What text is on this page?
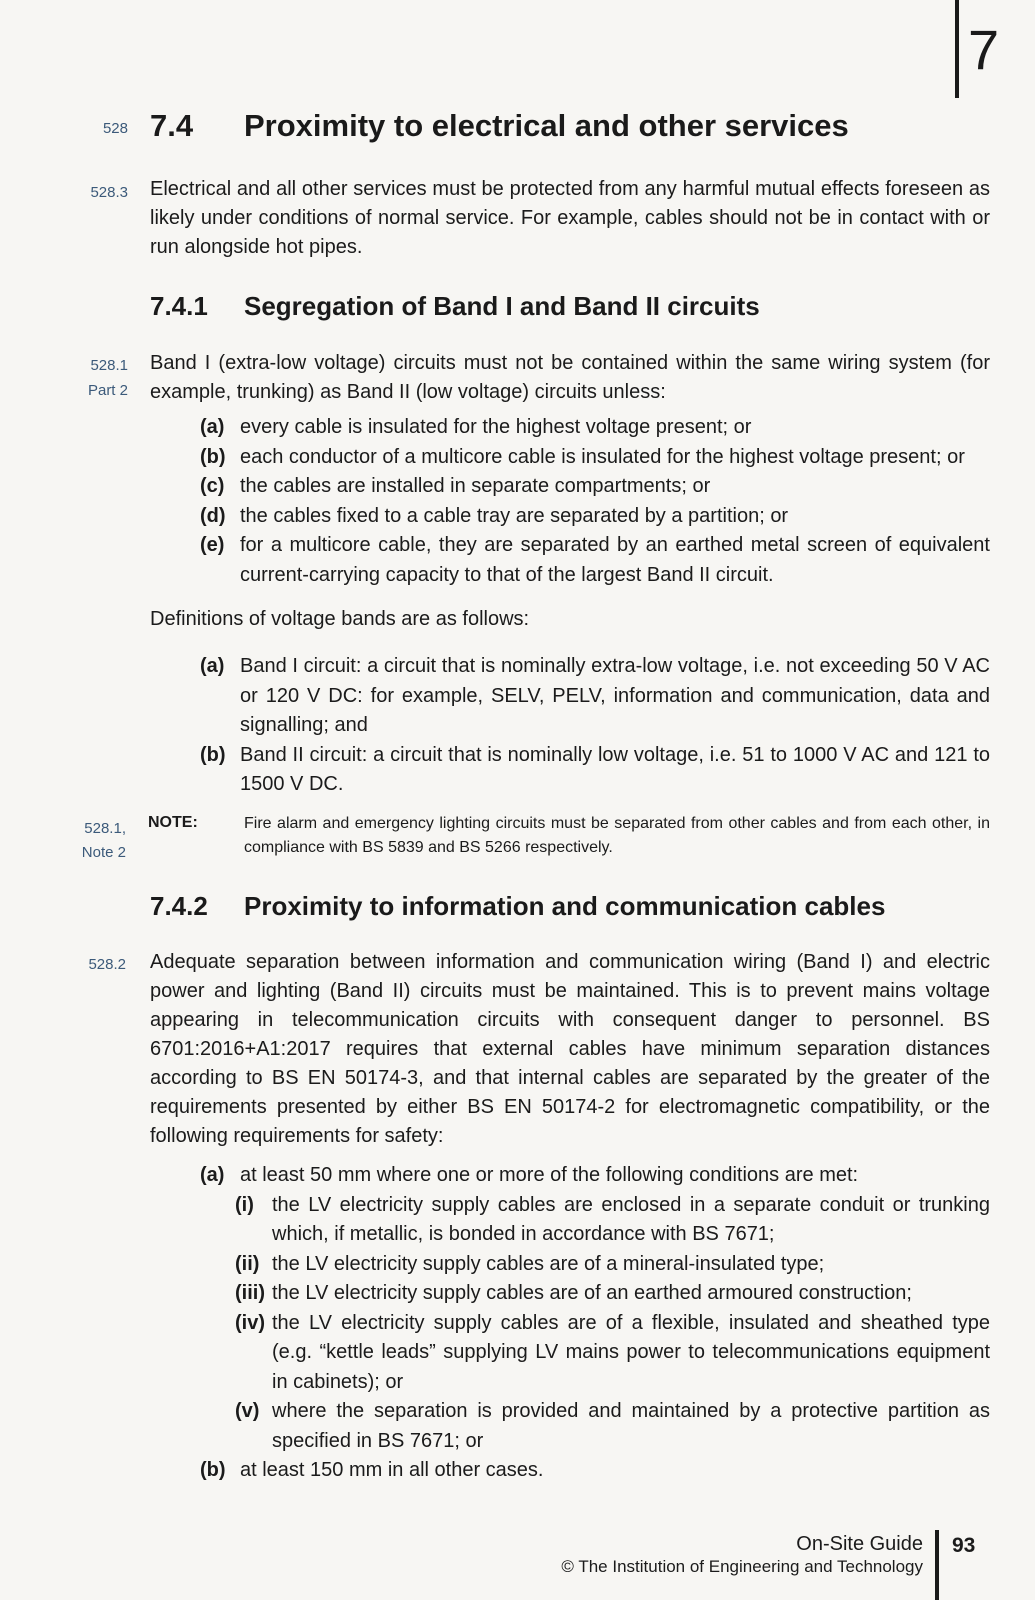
7
528 7.4 Proximity to electrical and other services
528.3 Electrical and all other services must be protected from any harmful mutual effects foreseen as likely under conditions of normal service. For example, cables should not be in contact with or run alongside hot pipes.
7.4.1 Segregation of Band I and Band II circuits
528.1
Part 2
Band I (extra-low voltage) circuits must not be contained within the same wiring system (for example, trunking) as Band II (low voltage) circuits unless:
(a) every cable is insulated for the highest voltage present; or
(b) each conductor of a multicore cable is insulated for the highest voltage present; or
(c) the cables are installed in separate compartments; or
(d) the cables fixed to a cable tray are separated by a partition; or
(e) for a multicore cable, they are separated by an earthed metal screen of equivalent current-carrying capacity to that of the largest Band II circuit.
Definitions of voltage bands are as follows:
(a) Band I circuit: a circuit that is nominally extra-low voltage, i.e. not exceeding 50 V AC or 120 V DC: for example, SELV, PELV, information and communication, data and signalling; and
(b) Band II circuit: a circuit that is nominally low voltage, i.e. 51 to 1000 V AC and 121 to 1500 V DC.
528.1,
Note 2
NOTE:	Fire alarm and emergency lighting circuits must be separated from other cables and from each other, in compliance with BS 5839 and BS 5266 respectively.
7.4.2 Proximity to information and communication cables
528.2 Adequate separation between information and communication wiring (Band I) and electric power and lighting (Band II) circuits must be maintained. This is to prevent mains voltage appearing in telecommunication circuits with consequent danger to personnel. BS 6701:2016+A1:2017 requires that external cables have minimum separation distances according to BS EN 50174-3, and that internal cables are separated by the greater of the requirements presented by either BS EN 50174-2 for electromagnetic compatibility, or the following requirements for safety:
(a) at least 50 mm where one or more of the following conditions are met:
(i) the LV electricity supply cables are enclosed in a separate conduit or trunking which, if metallic, is bonded in accordance with BS 7671;
(ii) the LV electricity supply cables are of a mineral-insulated type;
(iii) the LV electricity supply cables are of an earthed armoured construction;
(iv) the LV electricity supply cables are of a flexible, insulated and sheathed type (e.g. “kettle leads” supplying LV mains power to telecommunications equipment in cabinets); or
(v) where the separation is provided and maintained by a protective partition as specified in BS 7671; or
(b) at least 150 mm in all other cases.
On-Site Guide
© The Institution of Engineering and Technology
93
